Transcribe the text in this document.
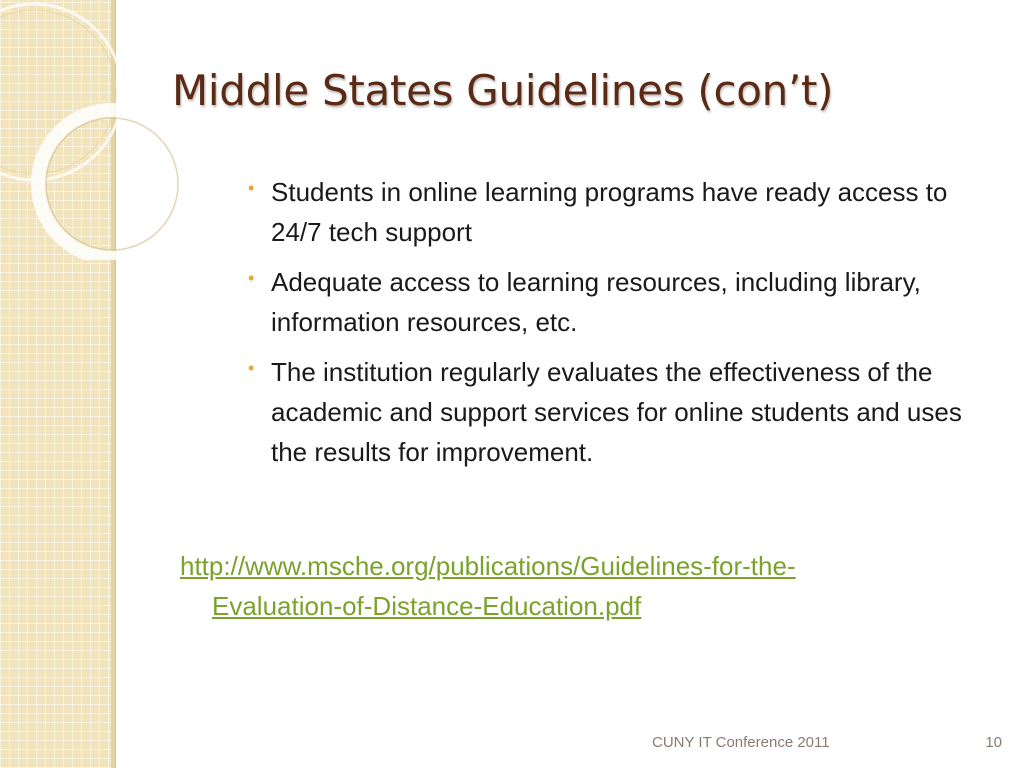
Middle States Guidelines (con’t)
• Students in online learning programs have ready access to 24/7 tech support
• Adequate access to learning resources, including library, information resources, etc.
• The institution regularly evaluates the effectiveness of the academic and support services for online students and uses the results for improvement.
http://www.msche.org/publications/Guidelines-for-the-
Evaluation-of-Distance-Education.pdf
CUNY IT Conference 2011	10
